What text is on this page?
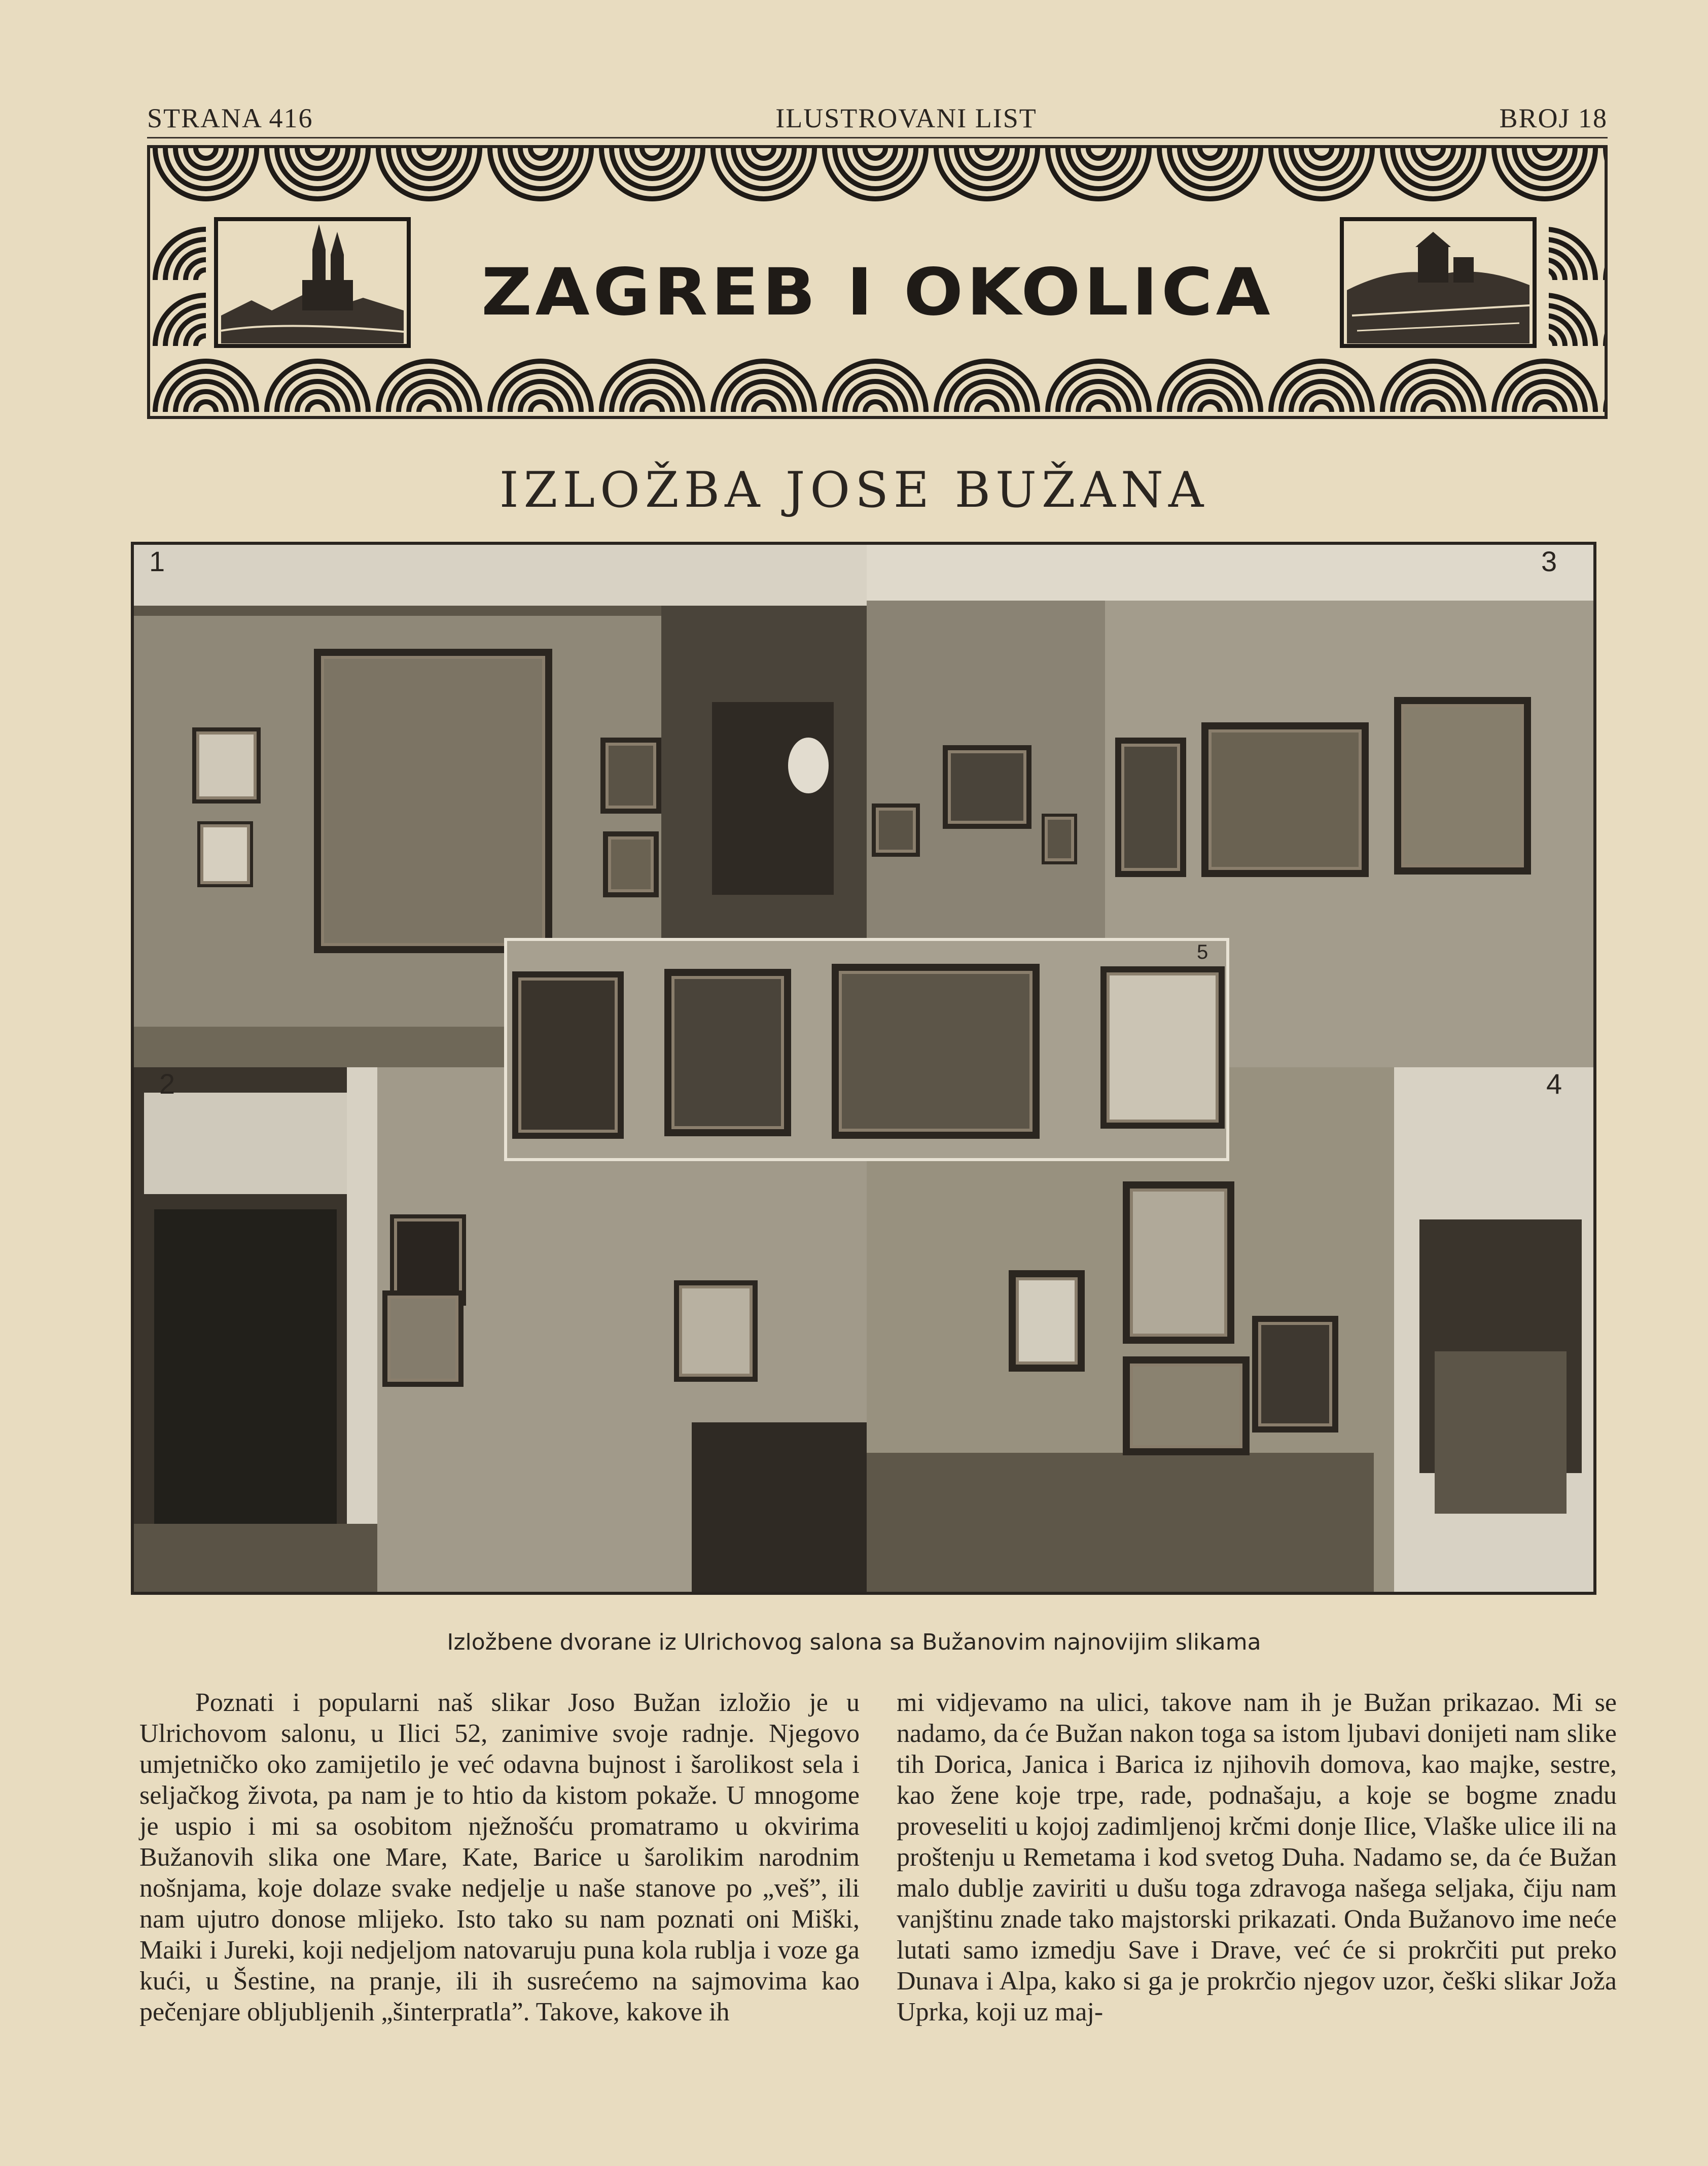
STRANA 416	ILUSTROVANI LIST	BROJ 18
ZAGREB I OKOLICA
IZLOŽBA JOSE BUŽANA
1	3
2	4
5
Izložbene dvorane iz Ulrichovog salona sa Bužanovim najnovijim slikama

Poznati i popularni naš slikar Joso Bužan izložio je u Ulrichovom salonu, u Ilici 52, zanimive svoje radnje. Njegovo umjetničko oko zamijetilo je već odavna bujnost i šarolikost sela i seljačkog života, pa nam je to htio da kistom pokaže. U mnogome je uspio i mi sa osobitom nježnošću promatramo u okvirima Bužanovih slika one Mare, Kate, Barice u šarolikim narodnim nošnjama, koje dolaze svake nedjelje u naše stanove po „veš”, ili nam ujutro donose mlijeko. Isto tako su nam poznati oni Miški, Maiki i Jureki, koji nedjeljom natovaruju puna kola rublja i voze ga kući, u Šestine, na pranje, ili ih susrećemo na sajmovima kao pečenjare obljubljenih „šinterpratla”. Takove, kakove ih

mi vidjevamo na ulici, takove nam ih je Bužan prikazao. Mi se nadamo, da će Bužan nakon toga sa istom ljubavi donijeti nam slike tih Dorica, Janica i Barica iz njihovih domova, kao majke, sestre, kao žene koje trpe, rade, podnašaju, a koje se bogme znadu proveseliti u kojoj zadimljenoj krčmi donje Ilice, Vlaške ulice ili na proštenju u Remetama i kod svetog Duha. Nadamo se, da će Bužan malo dublje zaviriti u dušu toga zdravoga našega seljaka, čiju nam vanjštinu znade tako majstorski prikazati. Onda Bužanovo ime neće lutati samo izmedju Save i Drave, već će si prokrčiti put preko Dunava i Alpa, kako si ga je prokrčio njegov uzor, češki slikar Joža Uprka, koji uz maj-
